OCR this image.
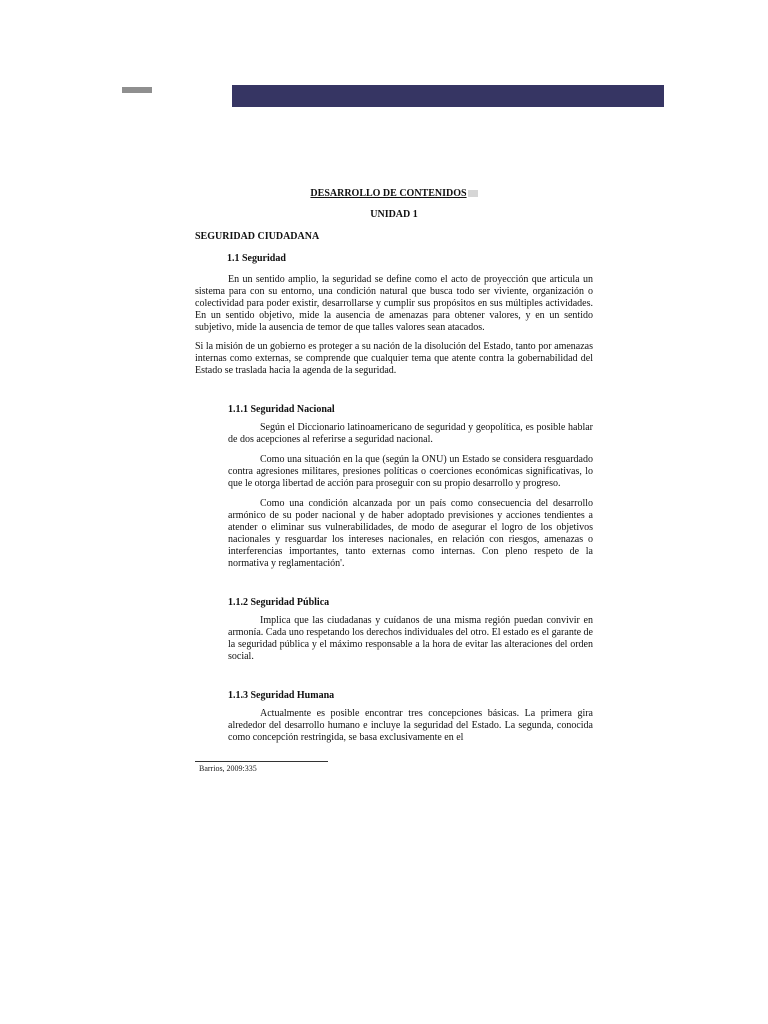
DESARROLLO DE CONTENIDOS

UNIDAD 1

SEGURIDAD CIUDADANA

1.1 Seguridad

En un sentido amplio, la seguridad se define como el acto de proyección que articula un sistema para con su entorno, una condición natural que busca todo ser viviente, organización o colectividad para poder existir, desarrollarse y cumplir sus propósitos en sus múltiples actividades. En un sentido objetivo, mide la ausencia de amenazas para obtener valores, y en un sentido subjetivo, mide la ausencia de temor de que talles valores sean atacados.

Si la misión de un gobierno es proteger a su nación de la disolución del Estado, tanto por amenazas internas como externas, se comprende que cualquier tema que atente contra la gobernabilidad del Estado se traslada hacia la agenda de la seguridad.

1.1.1 Seguridad Nacional

Según el Diccionario latinoamericano de seguridad y geopolítica, es posible hablar de dos acepciones al referirse a seguridad nacional.

Como una situación en la que (según la ONU) un Estado se considera resguardado contra agresiones militares, presiones políticas o coerciones económicas significativas, lo que le otorga libertad de acción para proseguir con su propio desarrollo y progreso.

Como una condición alcanzada por un país como consecuencia del desarrollo armónico de su poder nacional y de haber adoptado previsiones y acciones tendientes a atender o eliminar sus vulnerabilidades, de modo de asegurar el logro de los objetivos nacionales y resguardar los intereses nacionales, en relación con riesgos, amenazas o interferencias importantes, tanto externas como internas. Con pleno respeto de la normativa y reglamentación'.

1.1.2 Seguridad Pública

Implica que las ciudadanas y cuídanos de una misma región puedan convivir en armonía. Cada uno respetando los derechos individuales del otro. El estado es el garante de la seguridad pública y el máximo responsable a la hora de evitar las alteraciones del orden social.

1.1.3 Seguridad Humana

Actualmente es posible encontrar tres concepciones básicas. La primera gira alrededor del desarrollo humano e incluye la seguridad del Estado. La segunda, conocida como concepción restringida, se basa exclusivamente en el

Barrios, 2009:335
